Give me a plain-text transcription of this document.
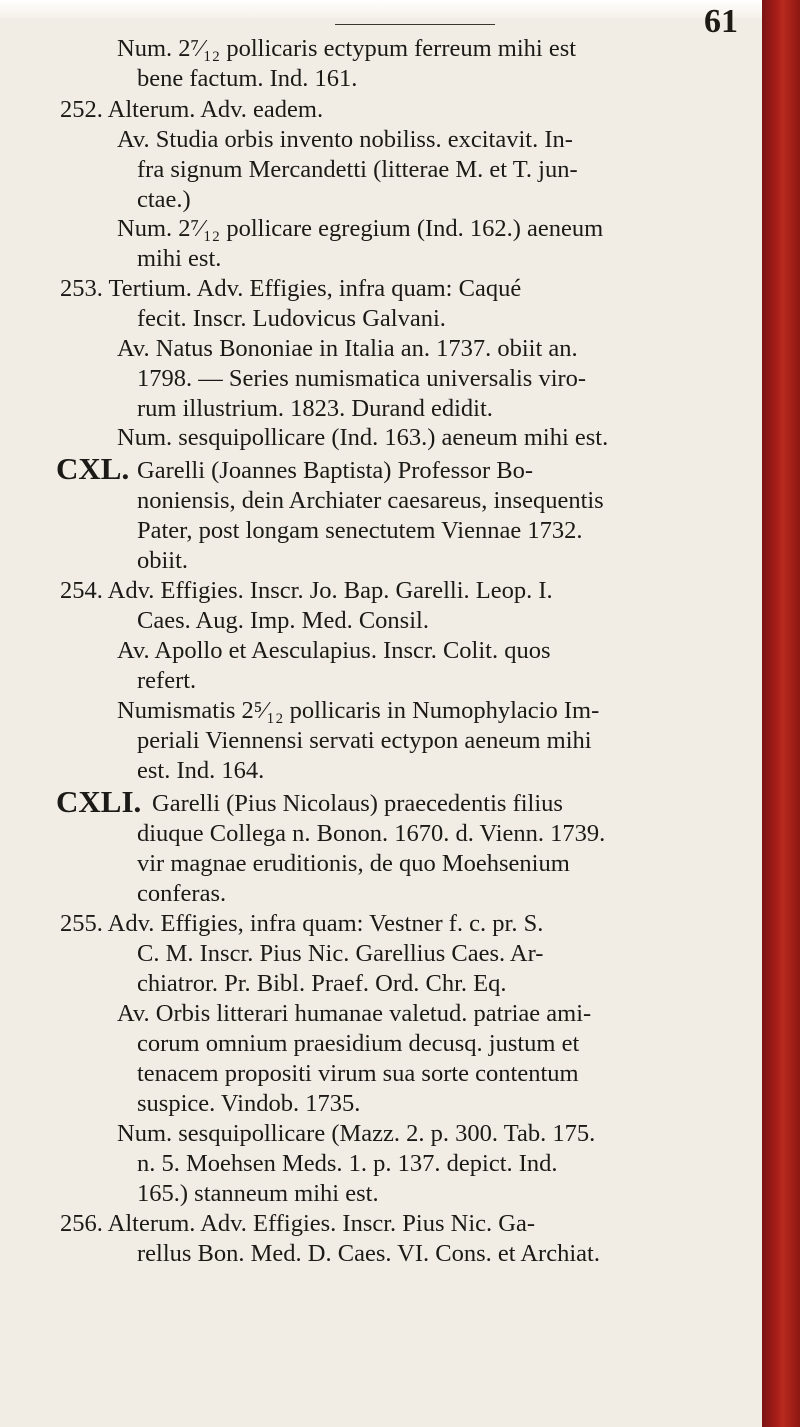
61
Num. 2⁷⁄₁₂ pollicaris ectypum ferreum mihi est
bene factum. Ind. 161.
252. Alterum. Adv. eadem.
Av. Studia orbis invento nobiliss. excitavit. In-
fra signum Mercandetti (litterae M. et T. jun-
ctae.)
Num. 2⁷⁄₁₂ pollicare egregium (Ind. 162.) aeneum
mihi est.
253. Tertium. Adv. Effigies, infra quam: Caqué
fecit. Inscr. Ludovicus Galvani.
Av. Natus Bononiae in Italia an. 1737. obiit an.
1798. — Series numismatica universalis viro-
rum illustrium. 1823. Durand edidit.
Num. sesquipollicare (Ind. 163.) aeneum mihi est.
CXL. Garelli (Joannes Baptista) Professor Bo-
noniensis, dein Archiater caesareus, insequentis
Pater, post longam senectutem Viennae 1732.
obiit.
254. Adv. Effigies. Inscr. Jo. Bap. Garelli. Leop. I.
Caes. Aug. Imp. Med. Consil.
Av. Apollo et Aesculapius. Inscr. Colit. quos
refert.
Numismatis 2⁵⁄₁₂ pollicaris in Numophylacio Im-
periali Viennensi servati ectypon aeneum mihi
est. Ind. 164.
CXLI. Garelli (Pius Nicolaus) praecedentis filius
diuque Collega n. Bonon. 1670. d. Vienn. 1739.
vir magnae eruditionis, de quo Moehsenium
conferas.
255. Adv. Effigies, infra quam: Vestner f. c. pr. S.
C. M. Inscr. Pius Nic. Garellius Caes. Ar-
chiatror. Pr. Bibl. Praef. Ord. Chr. Eq.
Av. Orbis litterari humanae valetud. patriae ami-
corum omnium praesidium decusq. justum et
tenacem propositi virum sua sorte contentum
suspice. Vindob. 1735.
Num. sesquipollicare (Mazz. 2. p. 300. Tab. 175.
n. 5. Moehsen Meds. 1. p. 137. depict. Ind.
165.) stanneum mihi est.
256. Alterum. Adv. Effigies. Inscr. Pius Nic. Ga-
rellus Bon. Med. D. Caes. VI. Cons. et Archiat.
